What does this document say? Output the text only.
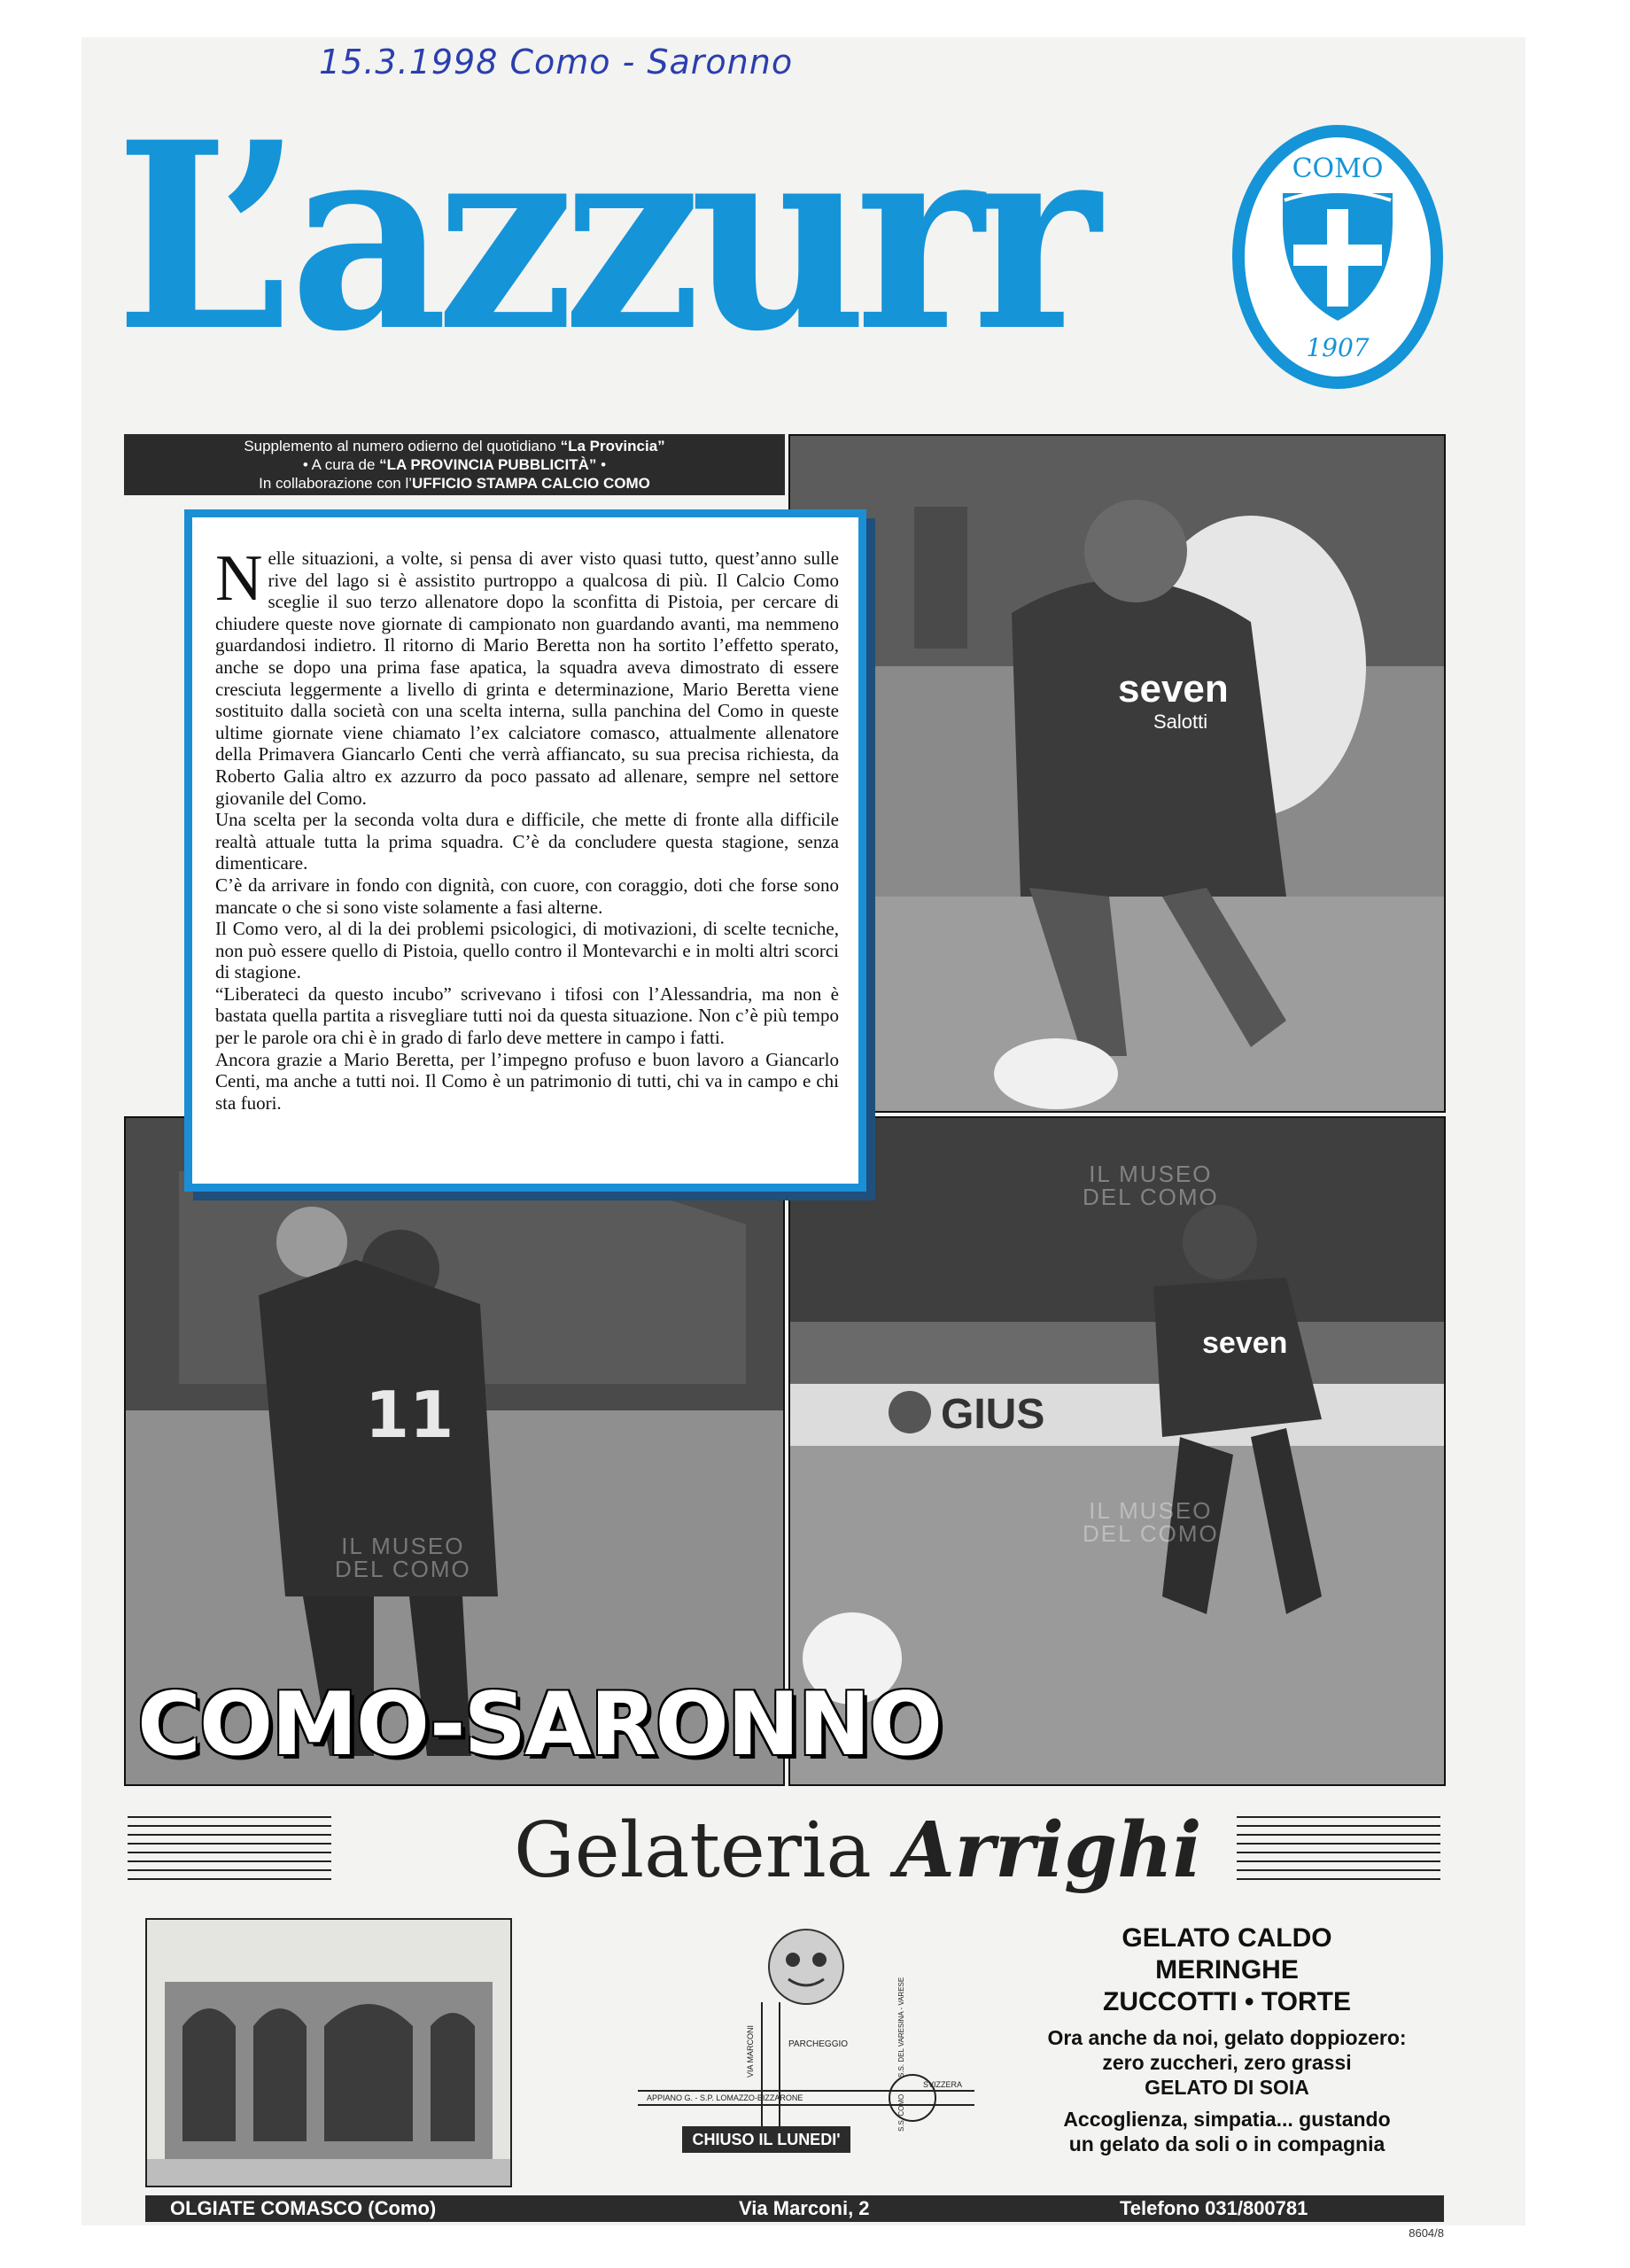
15.3.1998 Como - Saronno
L’azzurr	COMO
1907
Supplemento al numero odierno del quotidiano “La Provincia”
• A cura de “LA PROVINCIA PUBBLICITÀ” •
In collaborazione con l’UFFICIO STAMPA CALCIO COMO
seven
Salotti
11
IL MUSEO
DEL COMO
GIUS
seven
IL MUSEO
DEL COMO
IL MUSEO
DEL COMO
N elle situazioni, a volte, si pensa di aver visto quasi tutto, quest’anno sulle rive del lago si è assistito purtroppo a qualcosa di più. Il Calcio Como sceglie il suo terzo allenatore dopo la sconfitta di Pistoia, per cercare di chiudere queste nove giornate di campionato non guardando avanti, ma nemmeno guardandosi indietro. Il ritorno di Mario Beretta non ha sortito l’effetto sperato, anche se dopo una prima fase apatica, la squadra aveva dimostrato di essere cresciuta leggermente a livello di grinta e determinazione, Mario Beretta viene sostituito dalla società con una scelta interna, sulla panchina del Como in queste ultime giornate viene chiamato l’ex calciatore comasco, attualmente allenatore della Primavera Giancarlo Centi che verrà affiancato, su sua precisa richiesta, da Roberto Galia altro ex azzurro da poco passato ad allenare, sempre nel settore giovanile del Como.

Una scelta per la seconda volta dura e difficile, che mette di fronte alla difficile realtà attuale tutta la prima squadra. C’è da concludere questa stagione, senza dimenticare.

C’è da arrivare in fondo con dignità, con cuore, con coraggio, doti che forse sono mancate o che si sono viste solamente a fasi alterne.

Il Como vero, al di la dei problemi psicologici, di motivazioni, di scelte tecniche, non può essere quello di Pistoia, quello contro il Montevarchi e in molti altri scorci di stagione.

“Liberateci da questo incubo” scrivevano i tifosi con l’Alessandria, ma non è bastata quella partita a risvegliare tutti noi da questa situazione. Non c’è più tempo per le parole ora chi è in grado di farlo deve mettere in campo i fatti.

Ancora grazie a Mario Beretta, per l’impegno profuso e buon lavoro a Giancarlo Centi, ma anche a tutti noi. Il Como è un patrimonio di tutti, chi va in campo e chi sta fuori.

COMO-SARONNO
Gelateria Arrighi
VIA MARCONI	PARCHEGGIO	S.S. DEL VARESINA - VARESE
APPIANO G. - S.P. LOMAZZO-BIZZARONE
SVIZZERA
S.S. COMO
CHIUSO IL LUNEDI'
GELATO CALDO
MERINGHE
ZUCCOTTI • TORTE
Ora anche da noi, gelato doppiozero:
zero zuccheri, zero grassi
GELATO DI SOIA
Accoglienza, simpatia... gustando
un gelato da soli o in compagnia
OLGIATE COMASCO (Como)	Via Marconi, 2	Telefono 031/800781
8604/8
